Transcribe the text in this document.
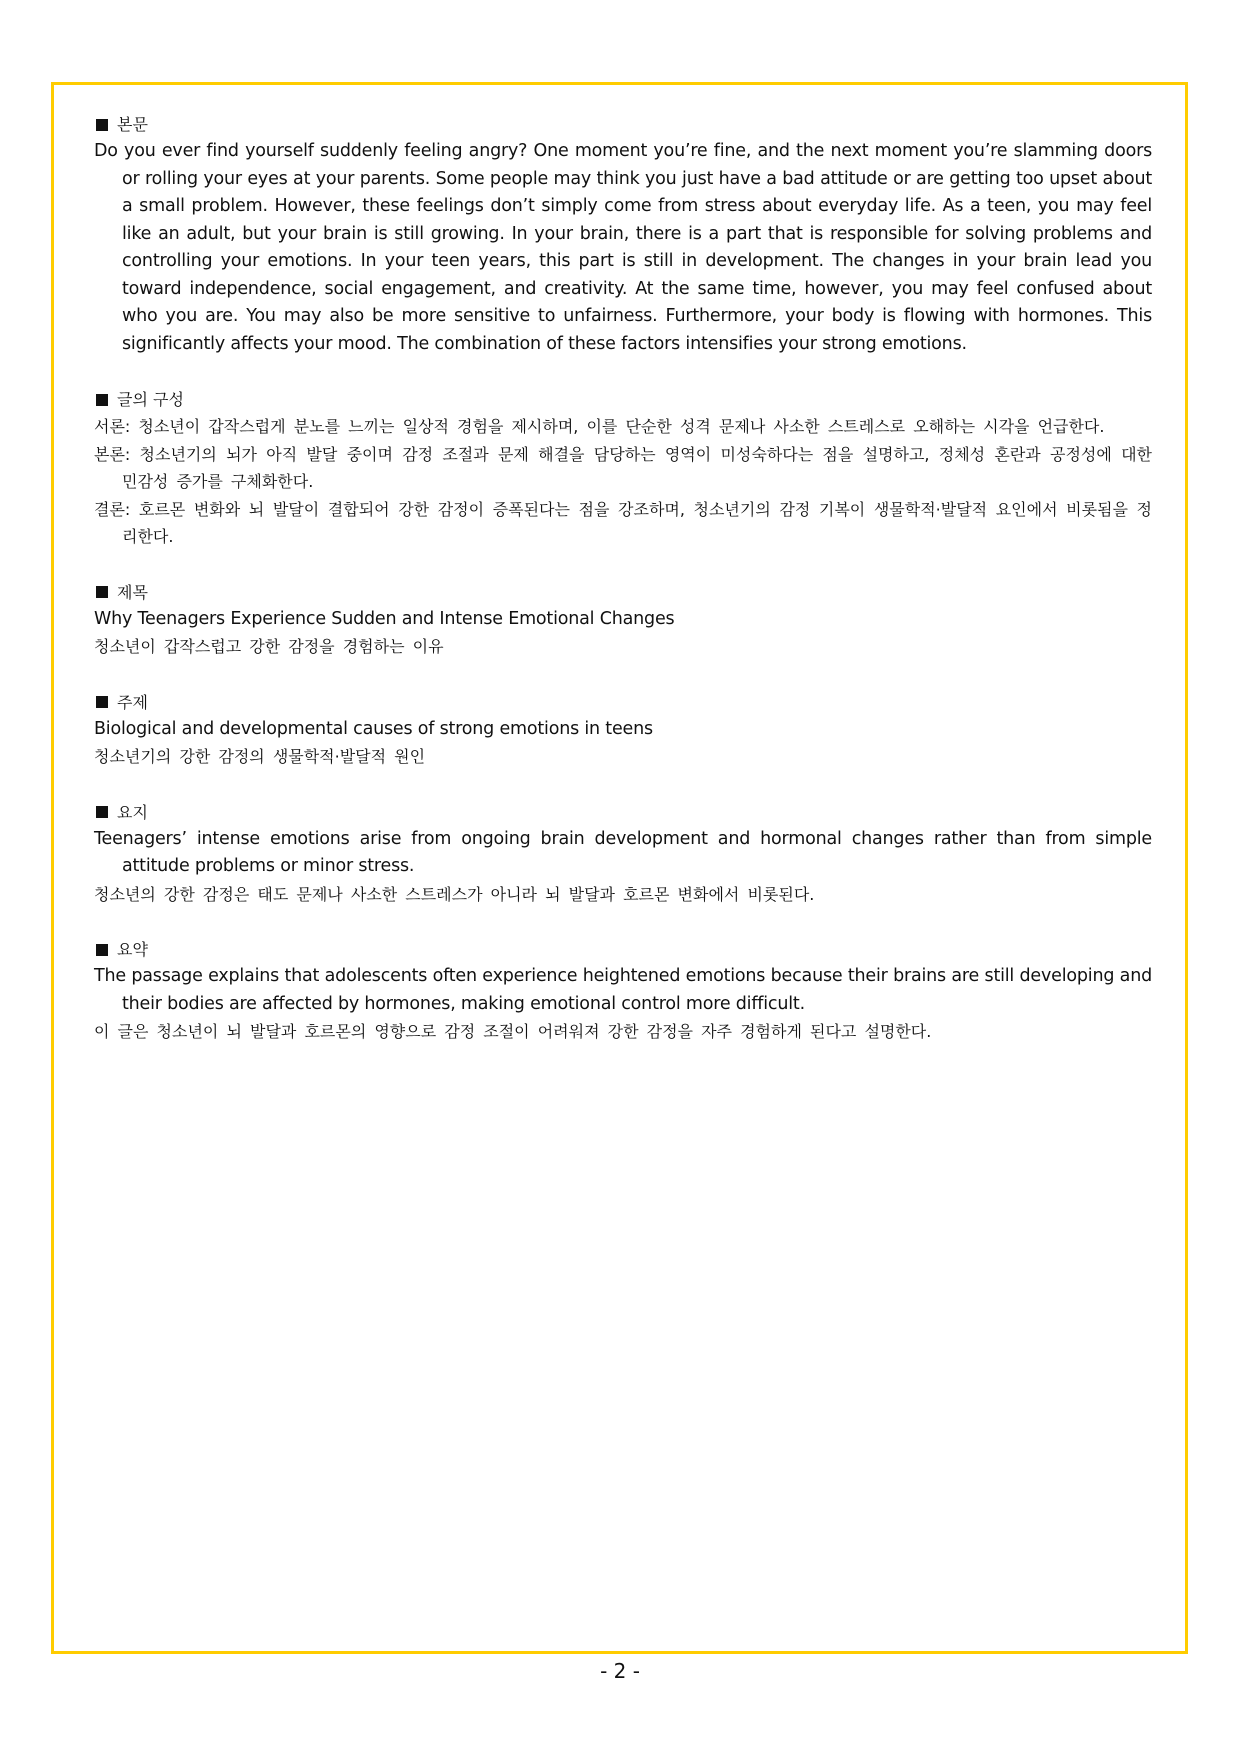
본문
Do you ever find yourself suddenly feeling angry? One moment you’re fine, and the next moment you’re slamming doors or rolling your eyes at your parents. Some people may think you just have a bad attitude or are getting too upset about a small problem. However, these feelings don’t simply come from stress about everyday life. As a teen, you may feel like an adult, but your brain is still growing. In your brain, there is a part that is responsible for solving problems and controlling your emotions. In your teen years, this part is still in development. The changes in your brain lead you toward independence, social engagement, and creativity. At the same time, however, you may feel confused about who you are. You may also be more sensitive to unfairness. Furthermore, your body is flowing with hormones. This significantly affects your mood. The combination of these factors intensifies your strong emotions.
글의 구성
서론: 청소년이 갑작스럽게 분노를 느끼는 일상적 경험을 제시하며, 이를 단순한 성격 문제나 사소한 스트레스로 오해하는 시각을 언급한다.
본론: 청소년기의 뇌가 아직 발달 중이며 감정 조절과 문제 해결을 담당하는 영역이 미성숙하다는 점을 설명하고, 정체성 혼란과 공정성에 대한 민감성 증가를 구체화한다.
결론: 호르몬 변화와 뇌 발달이 결합되어 강한 감정이 증폭된다는 점을 강조하며, 청소년기의 감정 기복이 생물학적·발달적 요인에서 비롯됨을 정리한다.
제목
Why Teenagers Experience Sudden and Intense Emotional Changes
청소년이 갑작스럽고 강한 감정을 경험하는 이유
주제
Biological and developmental causes of strong emotions in teens
청소년기의 강한 감정의 생물학적·발달적 원인
요지
Teenagers’ intense emotions arise from ongoing brain development and hormonal changes rather than from simple attitude problems or minor stress.
청소년의 강한 감정은 태도 문제나 사소한 스트레스가 아니라 뇌 발달과 호르몬 변화에서 비롯된다.
요약
The passage explains that adolescents often experience heightened emotions because their brains are still developing and their bodies are affected by hormones, making emotional control more difficult.
이 글은 청소년이 뇌 발달과 호르몬의 영향으로 감정 조절이 어려워져 강한 감정을 자주 경험하게 된다고 설명한다.
- 2 -
